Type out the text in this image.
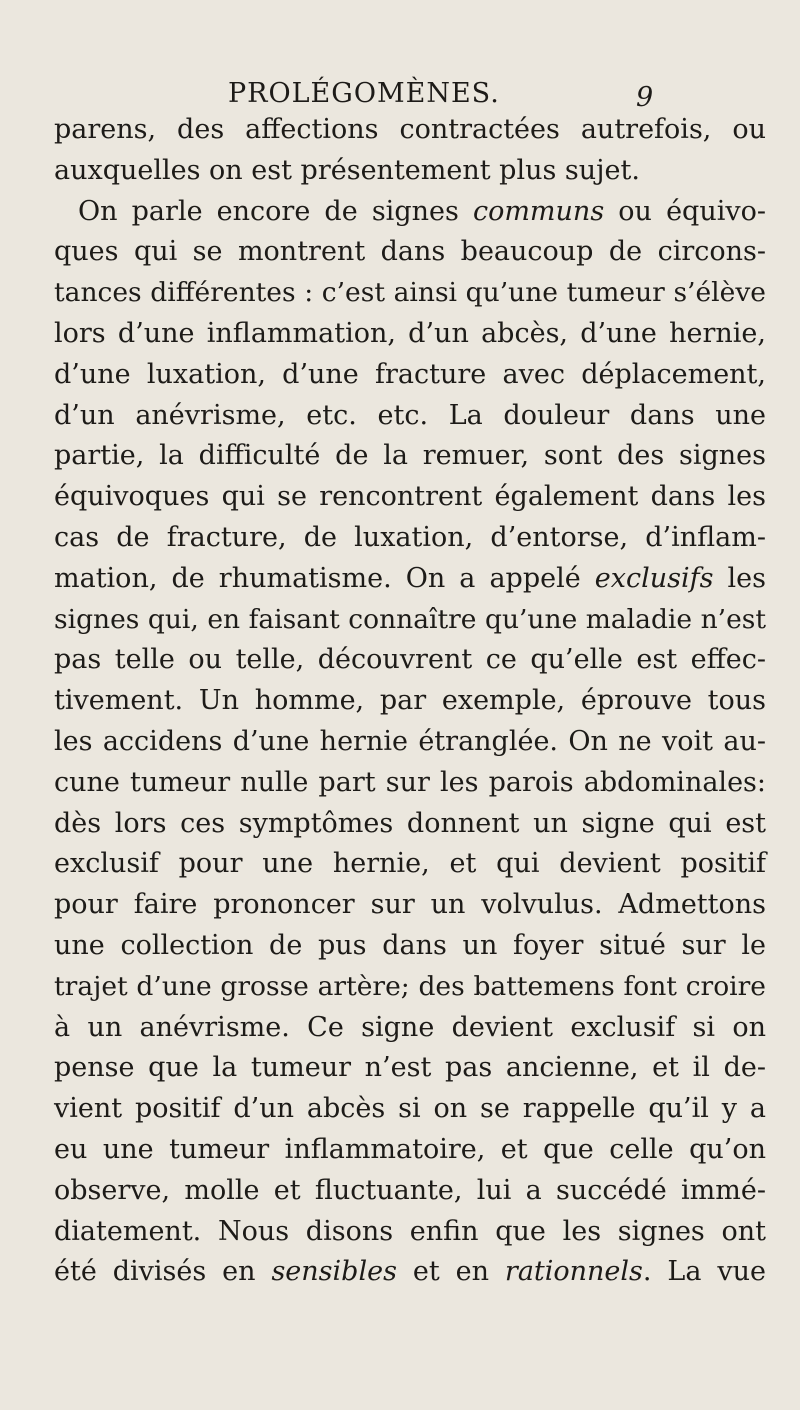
PROLÉGOMÈNES.	9
parens, des affections contractées autrefois, ou
auxquelles on est présentement plus sujet.
On parle encore de signes communs ou équivo-
ques qui se montrent dans beaucoup de circons-
tances différentes : c’est ainsi qu’une tumeur s’élève
lors d’une inflammation, d’un abcès, d’une hernie,
d’une luxation, d’une fracture avec déplacement,
d’un anévrisme, etc. etc. La douleur dans une
partie, la difficulté de la remuer, sont des signes
équivoques qui se rencontrent également dans les
cas de fracture, de luxation, d’entorse, d’inflam-
mation, de rhumatisme. On a appelé exclusifs les
signes qui, en faisant connaître qu’une maladie n’est
pas telle ou telle, découvrent ce qu’elle est effec-
tivement. Un homme, par exemple, éprouve tous
les accidens d’une hernie étranglée. On ne voit au-
cune tumeur nulle part sur les parois abdominales:
dès lors ces symptômes donnent un signe qui est
exclusif pour une hernie, et qui devient positif
pour faire prononcer sur un volvulus. Admettons
une collection de pus dans un foyer situé sur le
trajet d’une grosse artère; des battemens font croire
à un anévrisme. Ce signe devient exclusif si on
pense que la tumeur n’est pas ancienne, et il de-
vient positif d’un abcès si on se rappelle qu’il y a
eu une tumeur inflammatoire, et que celle qu’on
observe, molle et fluctuante, lui a succédé immé-
diatement. Nous disons enfin que les signes ont
été divisés en sensibles et en rationnels. La vue
